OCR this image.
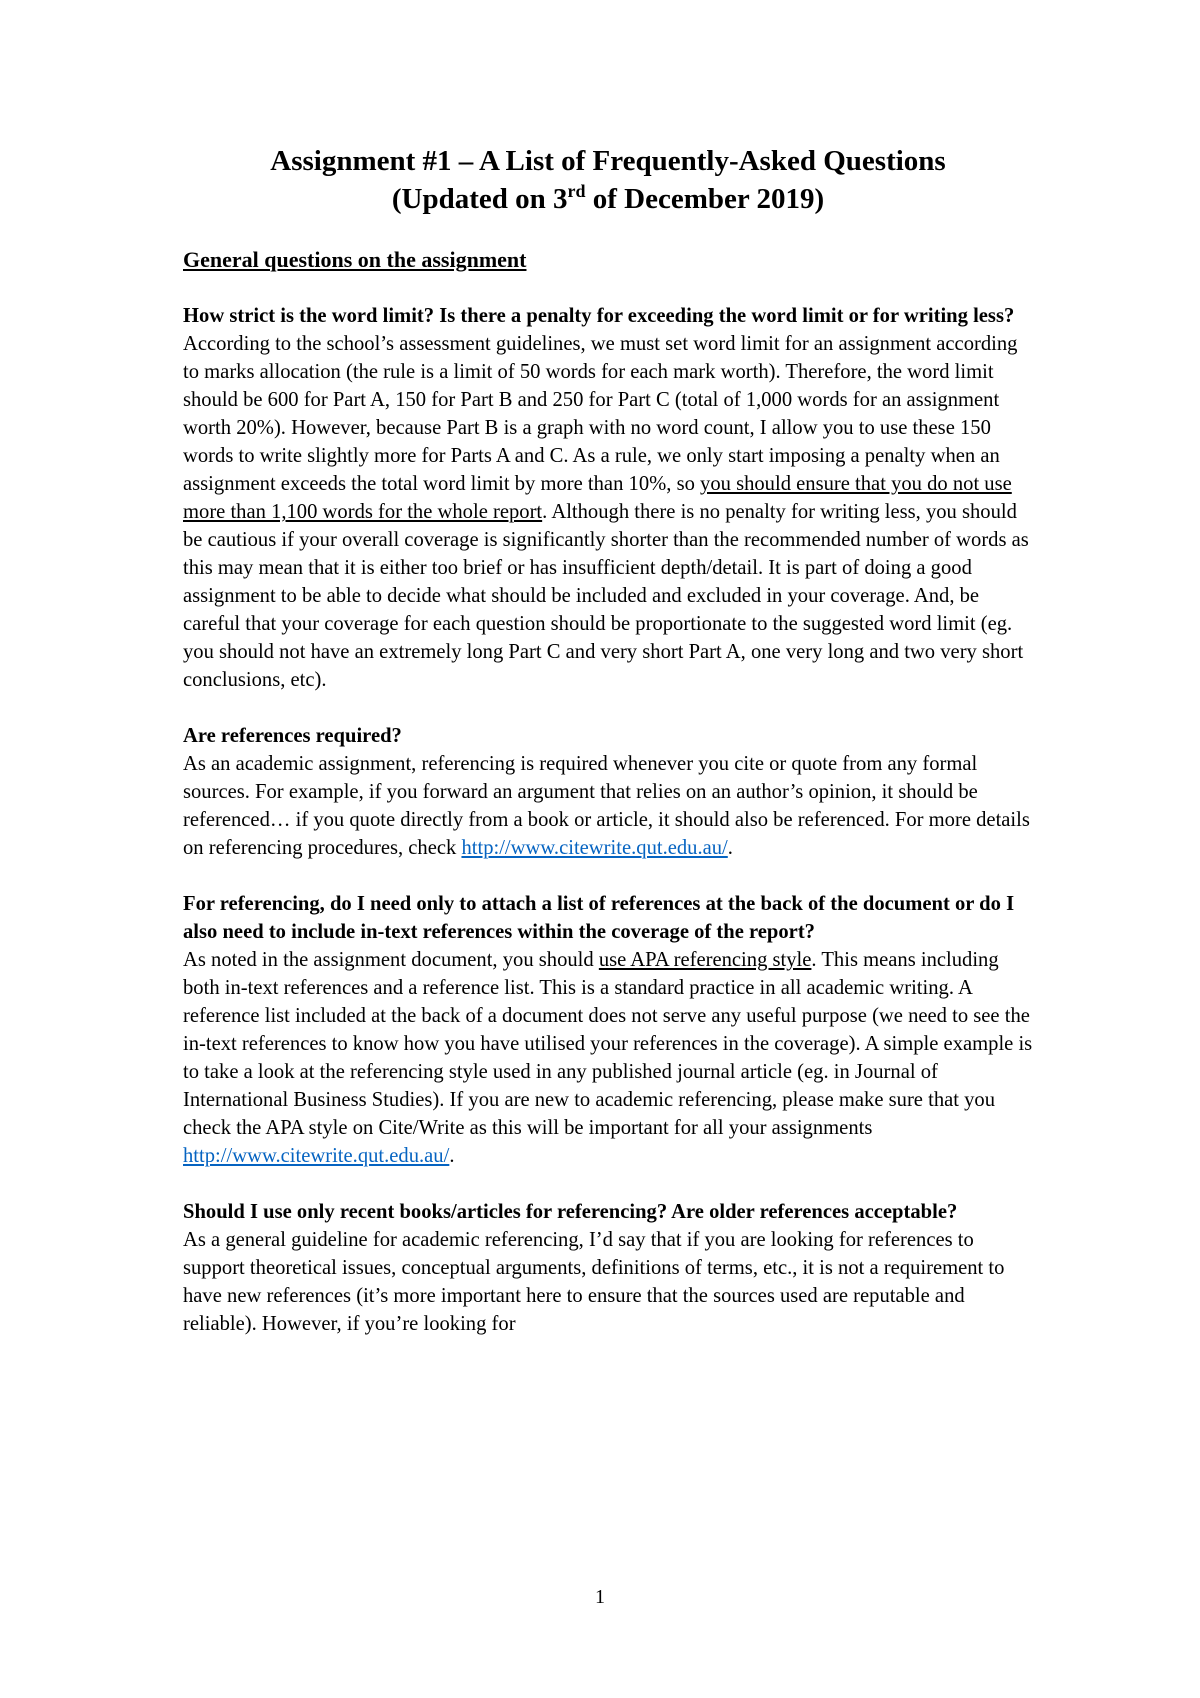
Assignment #1 – A List of Frequently-Asked Questions
(Updated on 3rd of December 2019)
General questions on the assignment

How strict is the word limit? Is there a penalty for exceeding the word limit or for writing less?

According to the school’s assessment guidelines, we must set word limit for an assignment according to marks allocation (the rule is a limit of 50 words for each mark worth). Therefore, the word limit should be 600 for Part A, 150 for Part B and 250 for Part C (total of 1,000 words for an assignment worth 20%). However, because Part B is a graph with no word count, I allow you to use these 150 words to write slightly more for Parts A and C. As a rule, we only start imposing a penalty when an assignment exceeds the total word limit by more than 10%, so you should ensure that you do not use more than 1,100 words for the whole report. Although there is no penalty for writing less, you should be cautious if your overall coverage is significantly shorter than the recommended number of words as this may mean that it is either too brief or has insufficient depth/detail. It is part of doing a good assignment to be able to decide what should be included and excluded in your coverage. And, be careful that your coverage for each question should be proportionate to the suggested word limit (eg. you should not have an extremely long Part C and very short Part A, one very long and two very short conclusions, etc).

Are references required?

As an academic assignment, referencing is required whenever you cite or quote from any formal sources. For example, if you forward an argument that relies on an author’s opinion, it should be referenced… if you quote directly from a book or article, it should also be referenced. For more details on referencing procedures, check http://www.citewrite.qut.edu.au/.

For referencing, do I need only to attach a list of references at the back of the document or do I also need to include in-text references within the coverage of the report?

As noted in the assignment document, you should use APA referencing style. This means including both in-text references and a reference list. This is a standard practice in all academic writing. A reference list included at the back of a document does not serve any useful purpose (we need to see the in-text references to know how you have utilised your references in the coverage). A simple example is to take a look at the referencing style used in any published journal article (eg. in Journal of International Business Studies). If you are new to academic referencing, please make sure that you check the APA style on Cite/Write as this will be important for all your assignments http://www.citewrite.qut.edu.au/.

Should I use only recent books/articles for referencing? Are older references acceptable?

As a general guideline for academic referencing, I’d say that if you are looking for references to support theoretical issues, conceptual arguments, definitions of terms, etc., it is not a requirement to have new references (it’s more important here to ensure that the sources used are reputable and reliable). However, if you’re looking for

1
